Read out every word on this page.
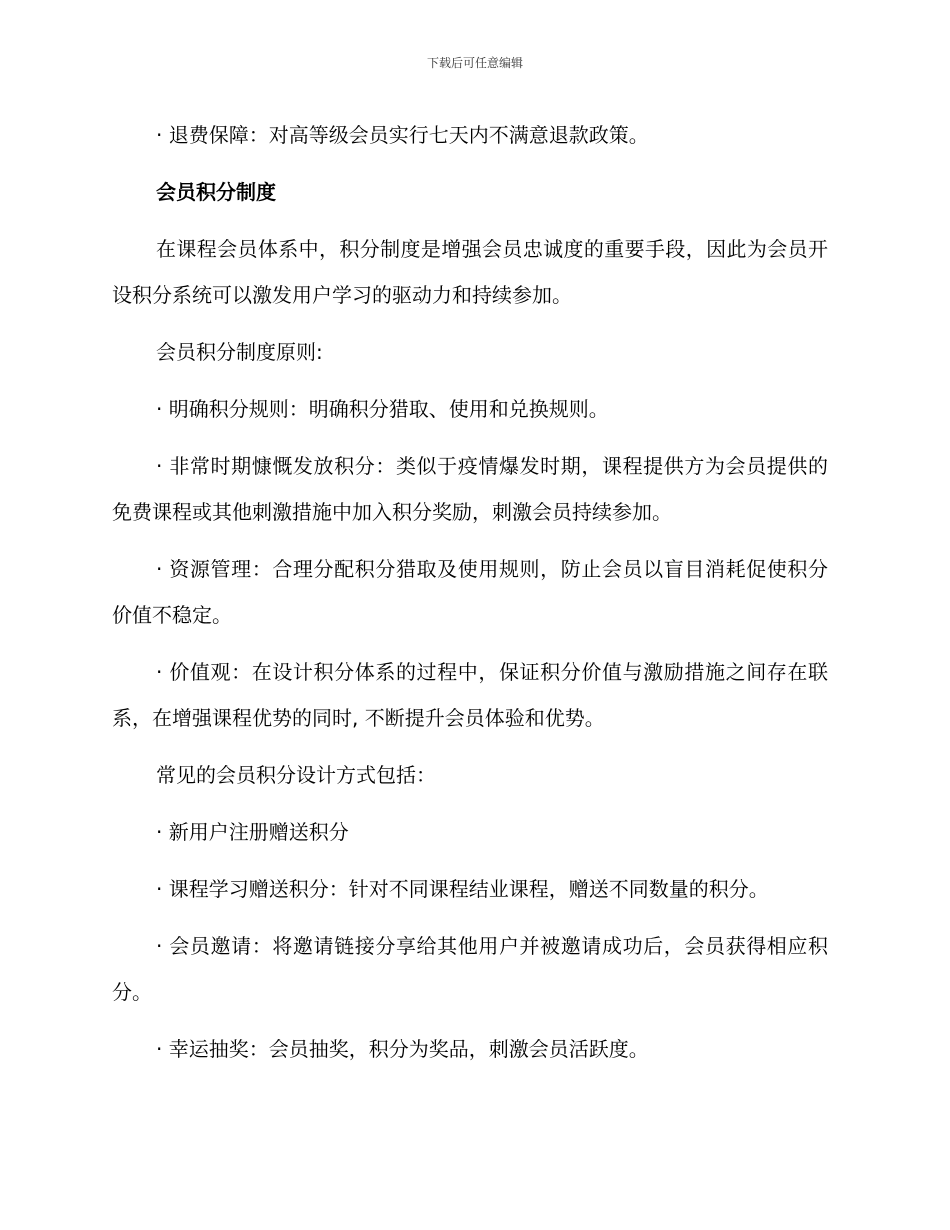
下载后可任意编辑

· 退费保障：对高等级会员实行七天内不满意退款政策。

会员积分制度

在课程会员体系中，积分制度是增强会员忠诚度的重要手段，因此为会员开设积分系统可以激发用户学习的驱动力和持续参加。

会员积分制度原则:

· 明确积分规则：明确积分猎取、使用和兑换规则。

· 非常时期慷慨发放积分：类似于疫情爆发时期，课程提供方为会员提供的免费课程或其他刺激措施中加入积分奖励，刺激会员持续参加。

· 资源管理：合理分配积分猎取及使用规则，防止会员以盲目消耗促使积分价值不稳定。

· 价值观：在设计积分体系的过程中，保证积分价值与激励措施之间存在联系，在增强课程优势的同时, 不断提升会员体验和优势。

常见的会员积分设计方式包括：

· 新用户注册赠送积分

· 课程学习赠送积分：针对不同课程结业课程，赠送不同数量的积分。

· 会员邀请：将邀请链接分享给其他用户并被邀请成功后，会员获得相应积分。

· 幸运抽奖：会员抽奖，积分为奖品，刺激会员活跃度。
